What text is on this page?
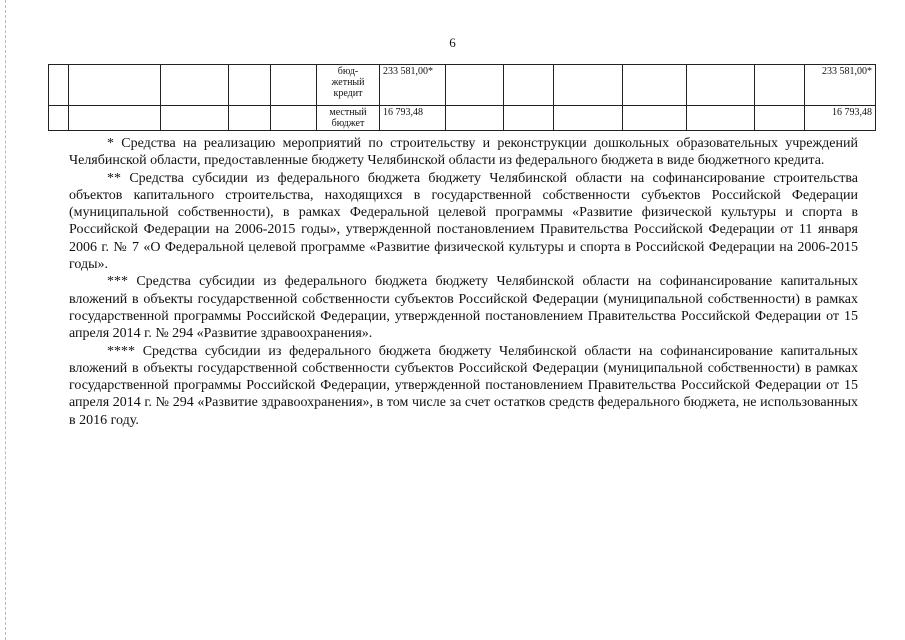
6
					бюд-
жетный
кредит	233 581,00*							233 581,00*
					местный
бюджет	16 793,48							16 793,48

* Средства на реализацию мероприятий по строительству и реконструкции дошкольных образовательных учреждений Челябинской области, предоставленные бюджету Челябинской области из федерального бюджета в виде бюджетного кредита.

** Средства субсидии из федерального бюджета бюджету Челябинской области на софинансирование строительства объектов капитального строительства, находящихся в государственной собственности субъектов Российской Федерации (муниципальной собственности), в рамках Федеральной целевой программы «Развитие физической культуры и спорта в Российской Федерации на 2006-2015 годы», утвержденной постановлением Правительства Российской Федерации от 11 января 2006 г. № 7 «О Федеральной целевой программе «Развитие физической культуры и спорта в Российской Федерации на 2006-2015 годы».

*** Средства субсидии из федерального бюджета бюджету Челябинской области на софинансирование капитальных вложений в объекты государственной собственности субъектов Российской Федерации (муниципальной собственности) в рамках государственной программы Российской Федерации, утвержденной постановлением Правительства Российской Федерации от 15 апреля 2014 г. № 294 «Развитие здравоохранения».

**** Средства субсидии из федерального бюджета бюджету Челябинской области на софинансирование капитальных вложений в объекты государственной собственности субъектов Российской Федерации (муниципальной собственности) в рамках государственной программы Российской Федерации, утвержденной постановлением Правительства Российской Федерации от 15 апреля 2014 г. № 294 «Развитие здравоохранения», в том числе за счет остатков средств федерального бюджета, не использованных в 2016 году.
